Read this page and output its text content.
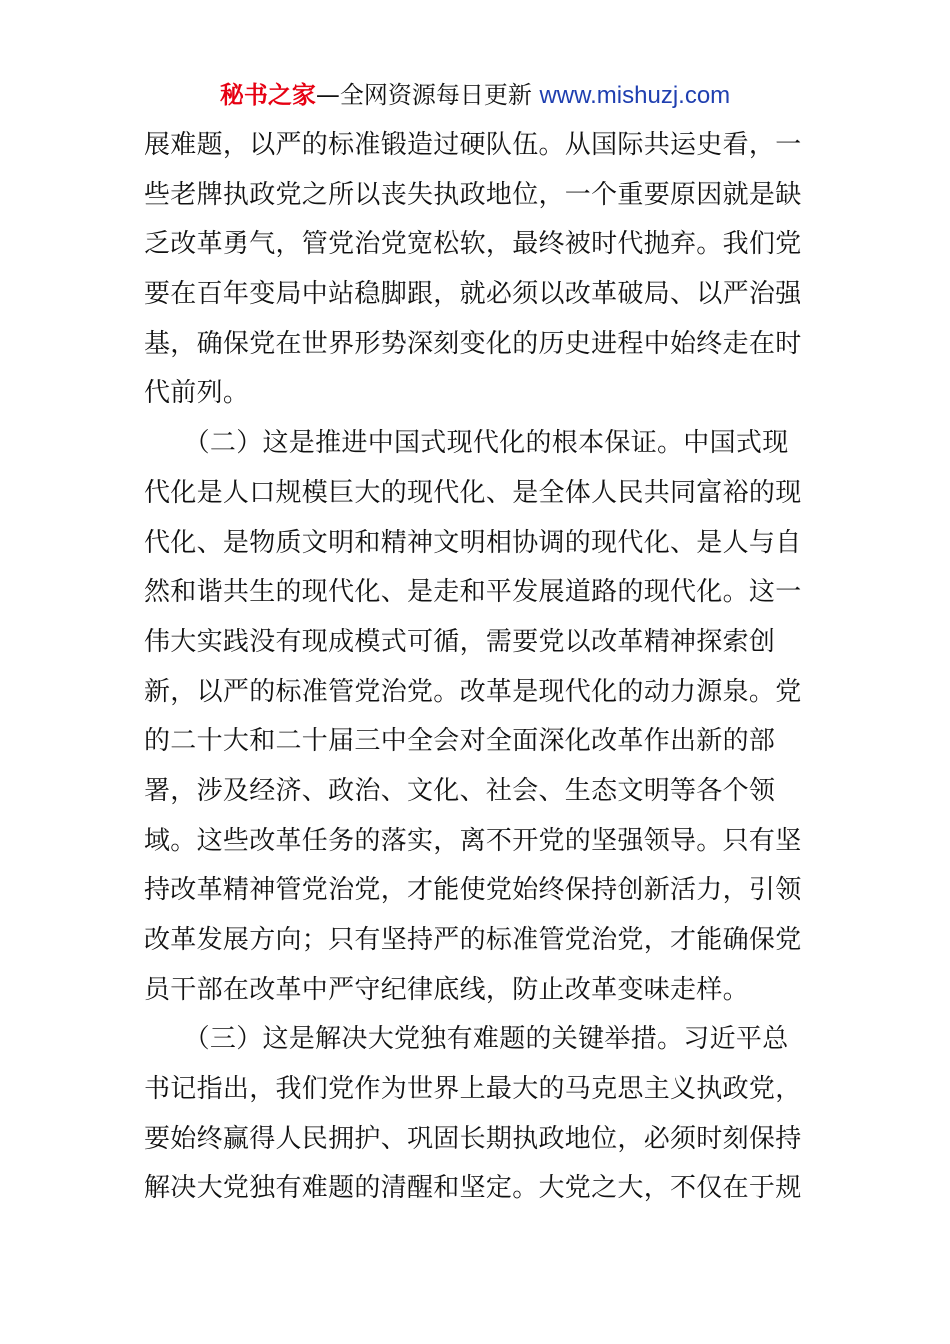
秘书之家—全网资源每日更新 www.mishuzj.com
展难题，以严的标准锻造过硬队伍。从国际共运史看，一
些老牌执政党之所以丧失执政地位，一个重要原因就是缺
乏改革勇气，管党治党宽松软，最终被时代抛弃。我们党
要在百年变局中站稳脚跟，就必须以改革破局、以严治强
基，确保党在世界形势深刻变化的历史进程中始终走在时
代前列。
　　（二）这是推进中国式现代化的根本保证。中国式现
代化是人口规模巨大的现代化、是全体人民共同富裕的现
代化、是物质文明和精神文明相协调的现代化、是人与自
然和谐共生的现代化、是走和平发展道路的现代化。这一
伟大实践没有现成模式可循，需要党以改革精神探索创
新，以严的标准管党治党。改革是现代化的动力源泉。党
的二十大和二十届三中全会对全面深化改革作出新的部
署，涉及经济、政治、文化、社会、生态文明等各个领
域。这些改革任务的落实，离不开党的坚强领导。只有坚
持改革精神管党治党，才能使党始终保持创新活力，引领
改革发展方向；只有坚持严的标准管党治党，才能确保党
员干部在改革中严守纪律底线，防止改革变味走样。
　　（三）这是解决大党独有难题的关键举措。习近平总
书记指出，我们党作为世界上最大的马克思主义执政党，
要始终赢得人民拥护、巩固长期执政地位，必须时刻保持
解决大党独有难题的清醒和坚定。大党之大，不仅在于规
